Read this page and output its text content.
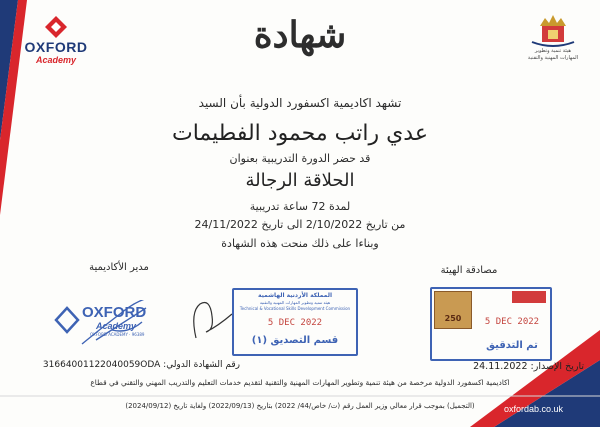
OXFORD
Academy
هيئة تنمية وتطوير
المهارات المهنية والتقنية
شهادة
تشهد اكاديمية اكسفورد الدولية بأن السيد
عدي راتب محمود الفطيمات
قد حضر الدورة التدريبية بعنوان
الحلاقة الرجالة
لمدة 72 ساعة تدريبية
من تاريخ 2/10/2022 الى تاريخ 24/11/2022
وبناءا على ذلك منحت هذه الشهادة
مدير الأكاديمية	مصادقة الهيئة
OXFORD
Academy
OXFORD ACADEMY · 96389
المملكة الأردنية الهاشمية
هيئة تنمية وتطوير المهارات المهنية والتقنية
Technical & Vocational Skills Development Commission
5 DEC 2022
قسم التصديق (١)
250	5 DEC 2022
تم التدقيق
رقم الشهادة الدولي: 31664001122040059ODA	تاريخ الإصدار: 24.11.2022
اكاديمية اكسفورد الدولية مرخصة من هيئة تنمية وتطوير المهارات المهنية والتقنية لتقديم خدمات التعليم والتدريب المهني والتقني في قطاع
(التجميل) بموجب قرار معالي وزير العمل رقم (ت/ خاص/44/ 2022) بتاريخ (2022/09/13) ولغاية تاريخ (2024/09/12)	oxfordab.co.uk
